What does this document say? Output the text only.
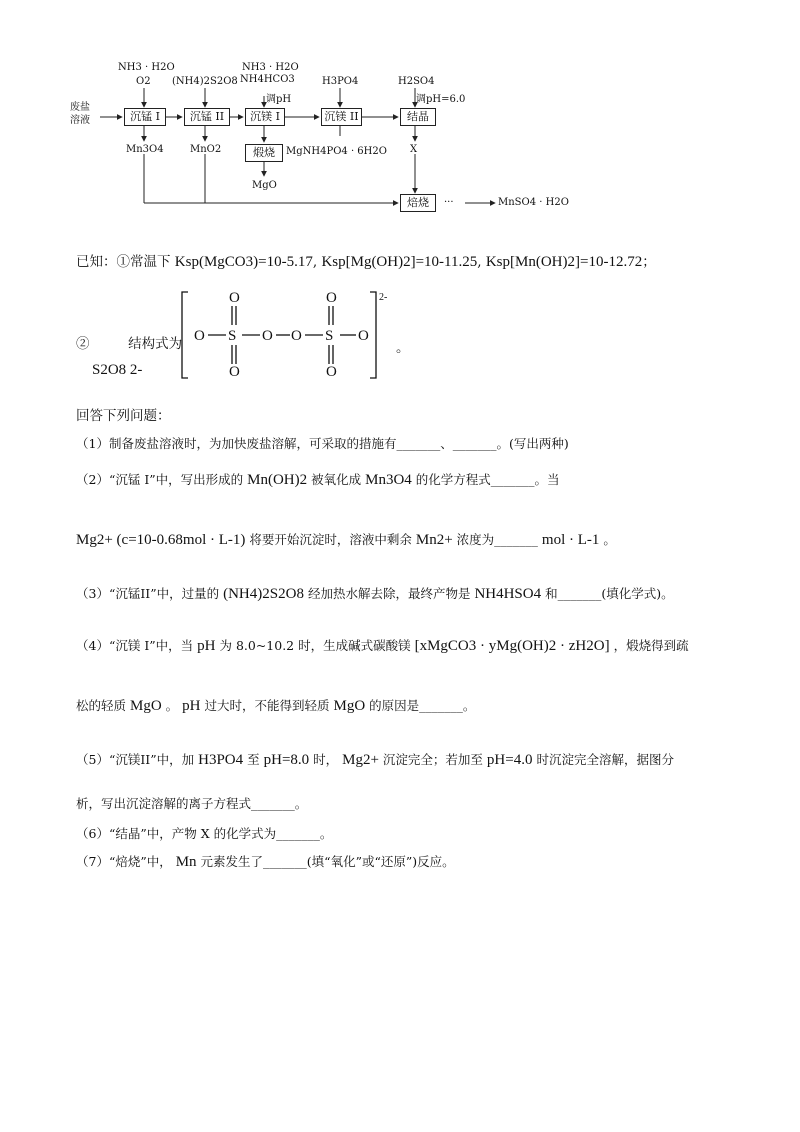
废盐
溶液
NH3 · H2O
O2 (NH4)2S2O8
NH3 · H2O
NH4HCO3
调pH
H3PO4	H2SO4
调pH=6.0
沉锰 I	沉锰 II	沉镁 I	沉镁 II	结晶
煅烧
焙烧
Mn3O4	MnO2	MgNH4PO4 · 6H2O
MgO
X
···	MnSO4 · H2O
已知：①常温下 Ksp(MgCO3)=10-5.17, Ksp[Mg(OH)2]=10-11.25, Ksp[Mn(OH)2]=10-12.72；
②	结构式为
S2O8 2-
O S
O
O
O O S
O
O
O
2-
。
回答下列问题：
（1）制备废盐溶液时，为加快废盐溶解，可采取的措施有_______、_______。(写出两种)
（2）“沉锰 I”中，写出形成的 Mn(OH)2 被氧化成 Mn3O4 的化学方程式_______。当
Mg2+ (c=10-0.68mol · L-1) 将要开始沉淀时，溶液中剩余 Mn2+ 浓度为_______ mol · L-1 。
（3）“沉锰II”中，过量的 (NH4)2S2O8 经加热水解去除，最终产物是 NH4HSO4 和_______(填化学式)。
（4）“沉镁 I”中，当 pH 为 8.0~10.2 时，生成碱式碳酸镁 [xMgCO3 · yMg(OH)2 · zH2O] ，煅烧得到疏
松的轻质 MgO 。 pH 过大时，不能得到轻质 MgO 的原因是_______。
（5）“沉镁II”中，加 H3PO4 至 pH=8.0 时， Mg2+ 沉淀完全；若加至 pH=4.0 时沉淀完全溶解，据图分
析，写出沉淀溶解的离子方程式_______。
（6）“结晶”中，产物 X 的化学式为_______。
（7）“焙烧”中， Mn 元素发生了_______(填“氧化”或“还原”)反应。
